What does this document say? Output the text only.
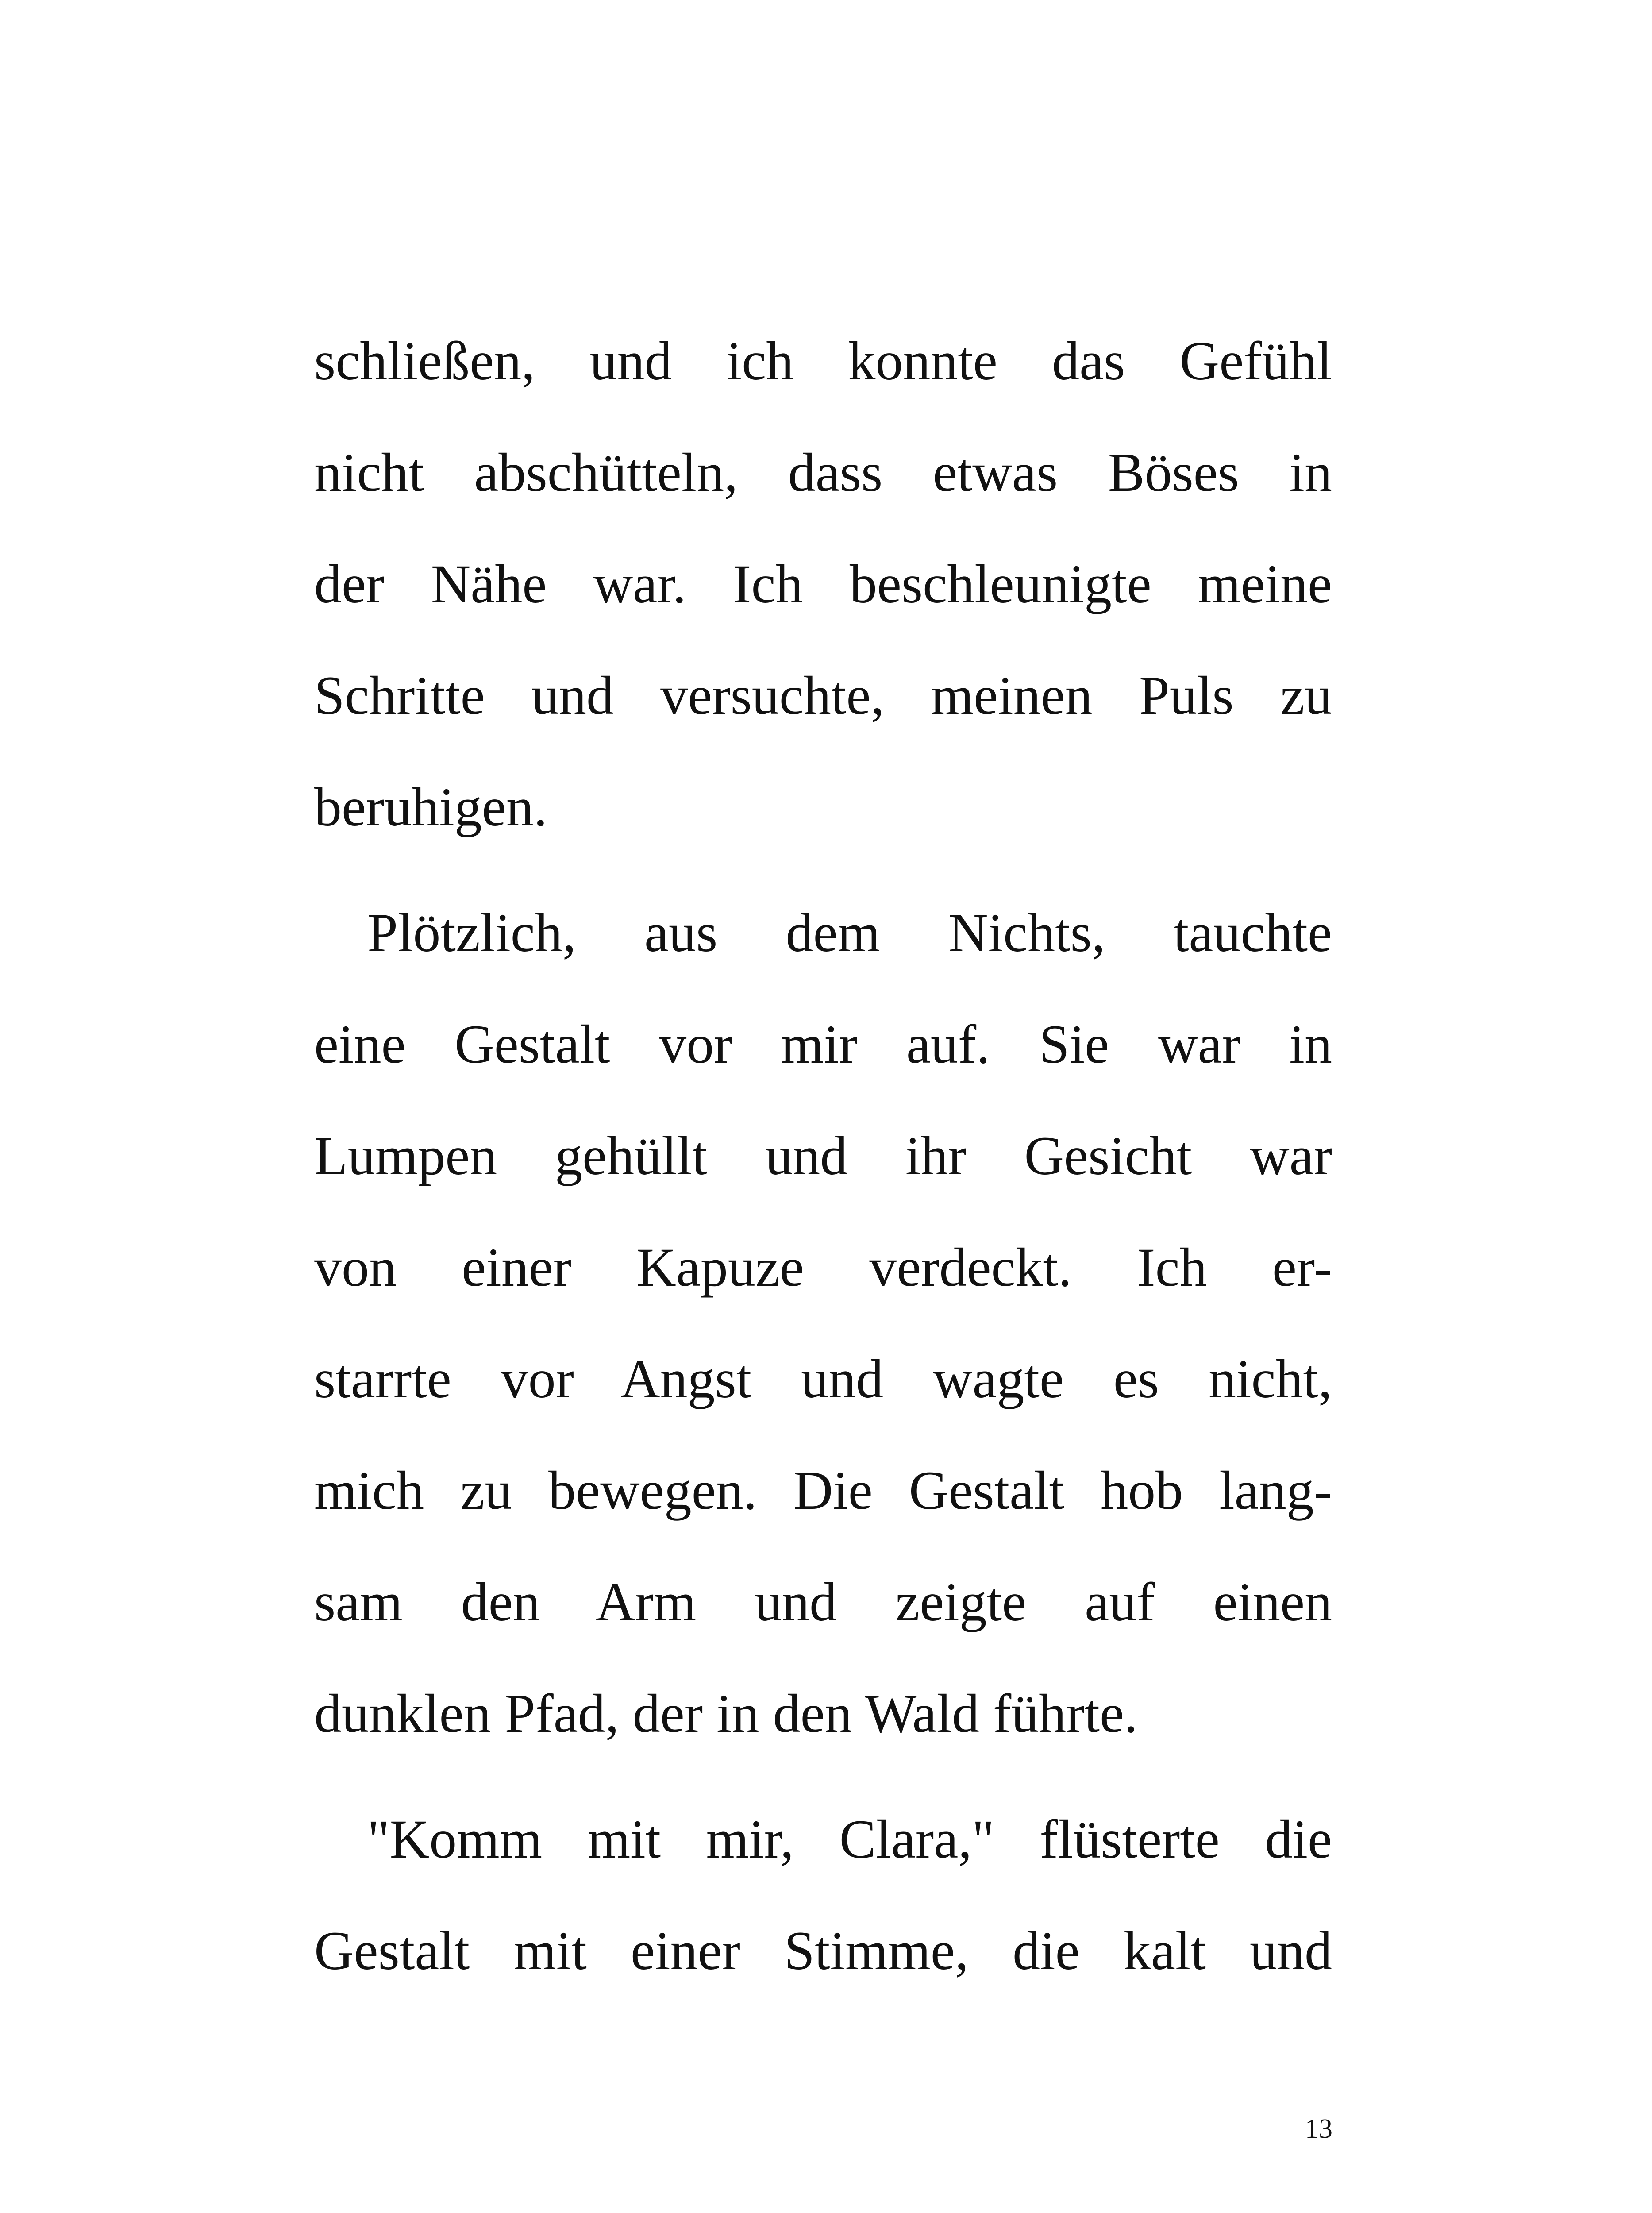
schließen, und ich konnte das Gefühl
nicht abschütteln, dass etwas Böses in
der Nähe war. Ich beschleunigte meine
Schritte und versuchte, meinen Puls zu
beruhigen.

Plötzlich, aus dem Nichts, tauchte
eine Gestalt vor mir auf. Sie war in
Lumpen gehüllt und ihr Gesicht war
von einer Kapuze verdeckt. Ich er-
starrte vor Angst und wagte es nicht,
mich zu bewegen. Die Gestalt hob lang-
sam den Arm und zeigte auf einen
dunklen Pfad, der in den Wald führte.

"Komm mit mir, Clara," flüsterte die
Gestalt mit einer Stimme, die kalt und

13
